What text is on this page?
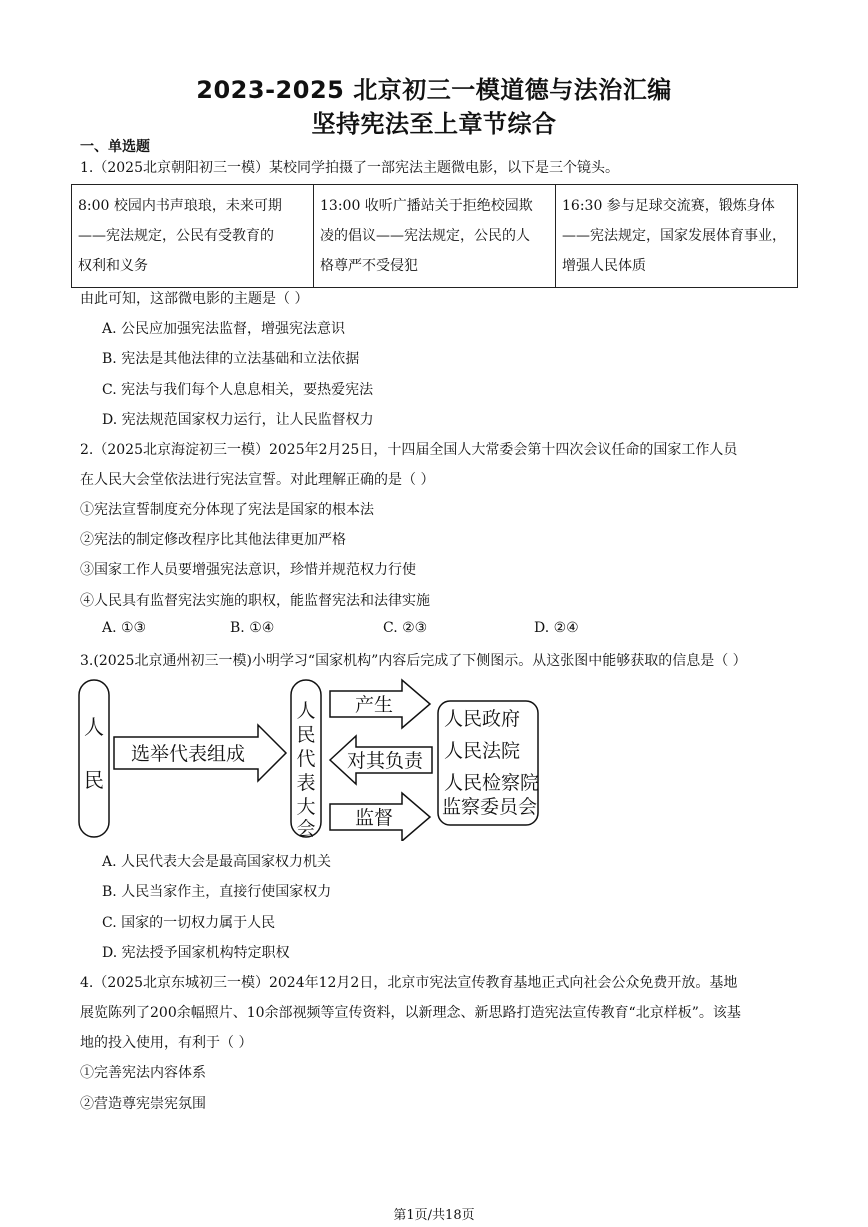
2023-2025 北京初三一模道德与法治汇编
坚持宪法至上章节综合
一、单选题
1.（2025北京朝阳初三一模）某校同学拍摄了一部宪法主题微电影，以下是三个镜头。
8:00 校园内书声琅琅，未来可期
——宪法规定，公民有受教育的
权利和义务

13:00 收听广播站关于拒绝校园欺
凌的倡议——宪法规定，公民的人
格尊严不受侵犯

16:30 参与足球交流赛，锻炼身体
——宪法规定，国家发展体育事业，
增强人民体质
由此可知，这部微电影的主题是（ ）
A. 公民应加强宪法监督，增强宪法意识
B. 宪法是其他法律的立法基础和立法依据
C. 宪法与我们每个人息息相关，要热爱宪法
D. 宪法规范国家权力运行，让人民监督权力
2.（2025北京海淀初三一模）2025年2月25日，十四届全国人大常委会第十四次会议任命的国家工作人员
在人民大会堂依法进行宪法宣誓。对此理解正确的是（ ）
①宪法宣誓制度充分体现了宪法是国家的根本法
②宪法的制定修改程序比其他法律更加严格
③国家工作人员要增强宪法意识，珍惜并规范权力行使
④人民具有监督宪法实施的职权，能监督宪法和法律实施
A. ①③	B. ①④	C. ②③	D. ②④
3.(2025北京通州初三一模)小明学习“国家机构”内容后完成了下侧图示。从这张图中能够获取的信息是（ ）
人
民
选举代表组成
人
民
代
表
大
会
产生
对其负责
监督
人民政府
人民法院
人民检察院
监察委员会
A. 人民代表大会是最高国家权力机关
B. 人民当家作主，直接行使国家权力
C. 国家的一切权力属于人民
D. 宪法授予国家机构特定职权
4.（2025北京东城初三一模）2024年12月2日，北京市宪法宣传教育基地正式向社会公众免费开放。基地
展览陈列了200余幅照片、10余部视频等宣传资料，以新理念、新思路打造宪法宣传教育“北京样板”。该基
地的投入使用，有利于（ ）
①完善宪法内容体系
②营造尊宪崇宪氛围
第1页/共18页
